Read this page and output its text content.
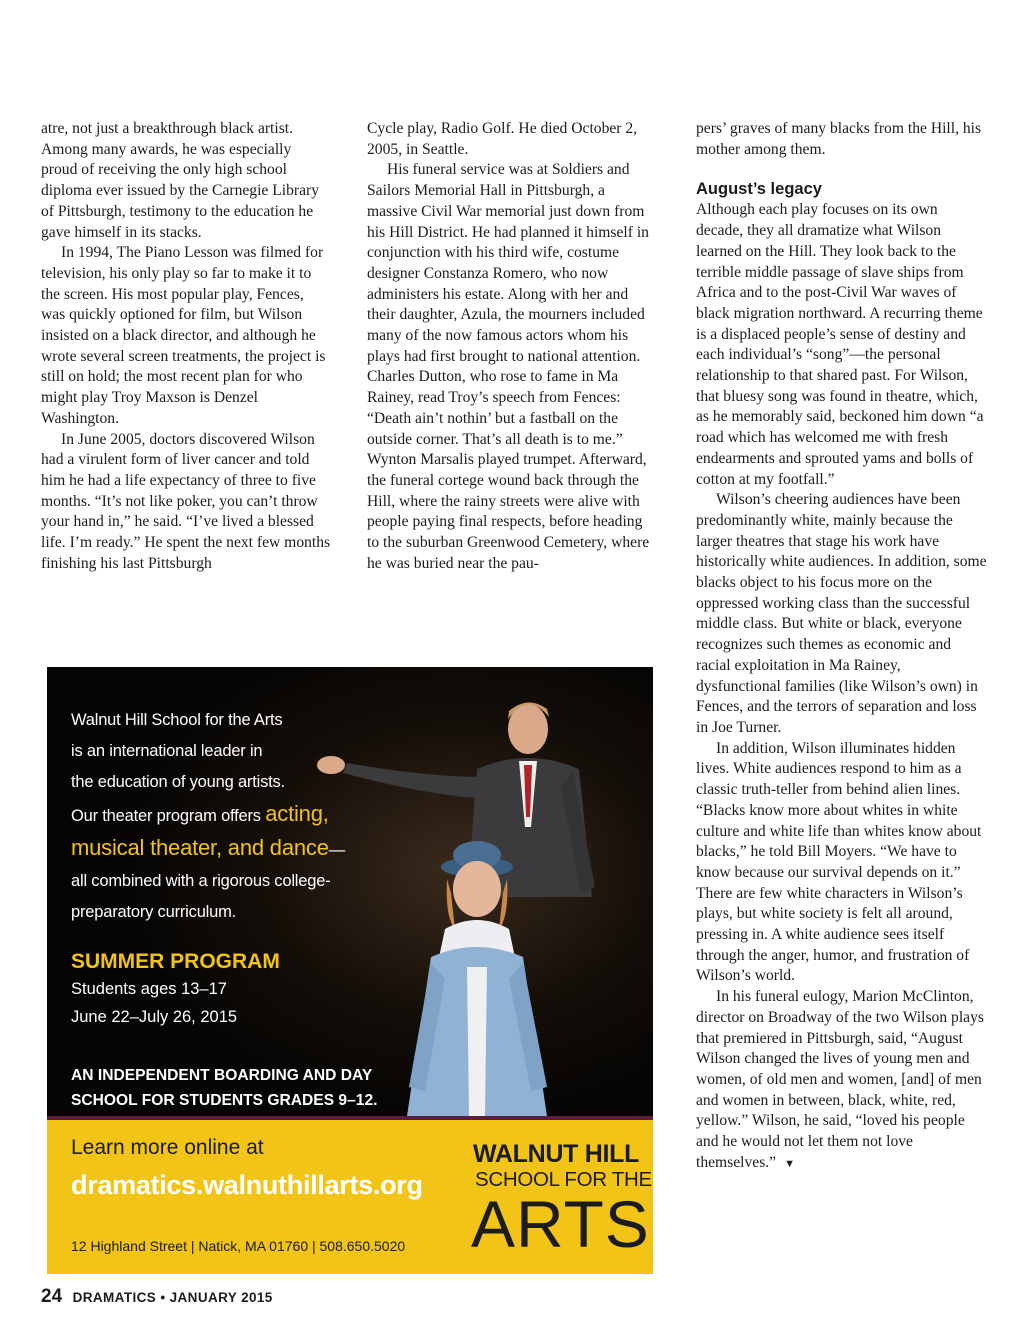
atre, not just a breakthrough black artist. Among many awards, he was especially proud of receiving the only high school diploma ever issued by the Carnegie Library of Pittsburgh, testimony to the education he gave himself in its stacks.

In 1994, The Piano Lesson was filmed for television, his only play so far to make it to the screen. His most popular play, Fences, was quickly optioned for film, but Wilson insisted on a black director, and although he wrote several screen treatments, the project is still on hold; the most recent plan for who might play Troy Maxson is Denzel Washington.

In June 2005, doctors discovered Wilson had a virulent form of liver cancer and told him he had a life expectancy of three to five months. “It’s not like poker, you can’t throw your hand in,” he said. “I’ve lived a blessed life. I’m ready.” He spent the next few months finishing his last Pittsburgh

Cycle play, Radio Golf. He died October 2, 2005, in Seattle.

His funeral service was at Soldiers and Sailors Memorial Hall in Pittsburgh, a massive Civil War memorial just down from his Hill District. He had planned it himself in conjunction with his third wife, costume designer Constanza Romero, who now administers his estate. Along with her and their daughter, Azula, the mourners included many of the now famous actors whom his plays had first brought to national attention. Charles Dutton, who rose to fame in Ma Rainey, read Troy’s speech from Fences: “Death ain’t nothin’ but a fastball on the outside corner. That’s all death is to me.” Wynton Marsalis played trumpet. Afterward, the funeral cortege wound back through the Hill, where the rainy streets were alive with people paying final respects, before heading to the suburban Greenwood Cemetery, where he was buried near the pau-

pers’ graves of many blacks from the Hill, his mother among them.

August’s legacy

Although each play focuses on its own decade, they all dramatize what Wilson learned on the Hill. They look back to the terrible middle passage of slave ships from Africa and to the post-Civil War waves of black migration northward. A recurring theme is a displaced people’s sense of destiny and each individual’s “song”—the personal relationship to that shared past. For Wilson, that bluesy song was found in theatre, which, as he memorably said, beckoned him down “a road which has welcomed me with fresh endearments and sprouted yams and bolls of cotton at my footfall.”

Wilson’s cheering audiences have been predominantly white, mainly because the larger theatres that stage his work have historically white audiences. In addition, some blacks object to his focus more on the oppressed working class than the successful middle class. But white or black, everyone recognizes such themes as economic and racial exploitation in Ma Rainey, dysfunctional families (like Wilson’s own) in Fences, and the terrors of separation and loss in Joe Turner.

In addition, Wilson illuminates hidden lives. White audiences respond to him as a classic truth-teller from behind alien lines. “Blacks know more about whites in white culture and white life than whites know about blacks,” he told Bill Moyers. “We have to know because our survival depends on it.” There are few white characters in Wilson’s plays, but white society is felt all around, pressing in. A white audience sees itself through the anger, humor, and frustration of Wilson’s world.

In his funeral eulogy, Marion McClinton, director on Broadway of the two Wilson plays that premiered in Pittsburgh, said, “August Wilson changed the lives of young men and women, of old men and women, [and] of men and women in between, black, white, red, yellow.” Wilson, he said, “loved his people and he would not let them not love themselves.” ▼

Walnut Hill School for the Arts
is an international leader in
the education of young artists.
Our theater program offers acting,
musical theater, and dance—
all combined with a rigorous college-
preparatory curriculum.
SUMMER PROGRAM
Students ages 13–17
June 22–July 26, 2015
AN INDEPENDENT BOARDING AND DAY
SCHOOL FOR STUDENTS GRADES 9–12.
Learn more online at
dramatics.walnuthillarts.org
12 Highland Street | Natick, MA 01760 | 508.650.5020
WALNUT HILL
SCHOOL FOR THE
ARTS
24 DRAMATICS • JANUARY 2015
